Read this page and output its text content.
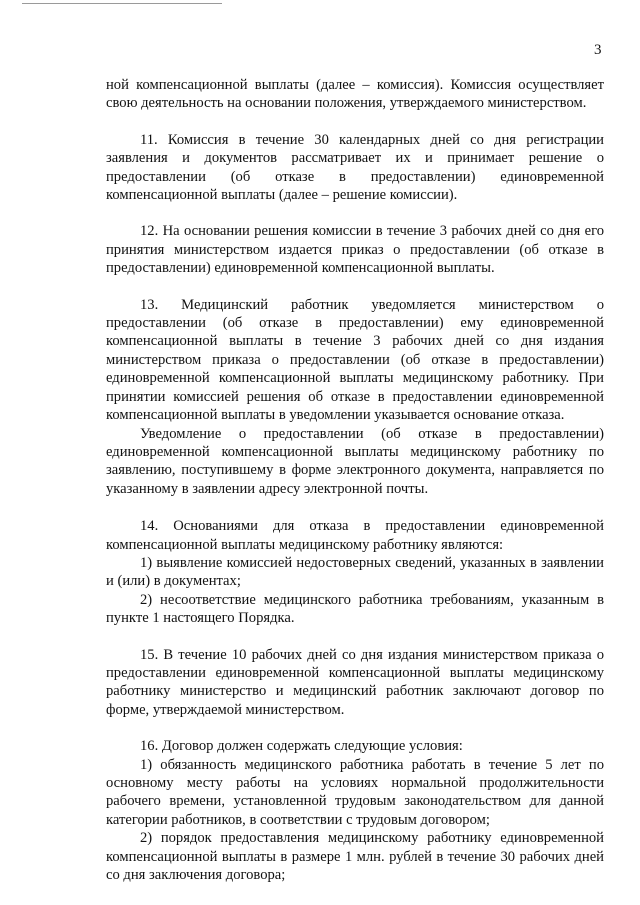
3

ной компенсационной выплаты (далее – комиссия). Комиссия осуществляет свою деятельность на основании положения, утверждаемого министерством.

11. Комиссия в течение 30 календарных дней со дня регистрации заявления и документов рассматривает их и принимает решение о предоставлении (об отказе в предоставлении) единовременной компенсационной выплаты (далее – решение комиссии).

12. На основании решения комиссии в течение 3 рабочих дней со дня его принятия министерством издается приказ о предоставлении (об отказе в предоставлении) единовременной компенсационной выплаты.

13. Медицинский работник уведомляется министерством о предоставлении (об отказе в предоставлении) ему единовременной компенсационной выплаты в течение 3 рабочих дней со дня издания министерством приказа о предоставлении (об отказе в предоставлении) единовременной компенсационной выплаты медицинскому работнику. При принятии комиссией решения об отказе в предоставлении единовременной компенсационной выплаты в уведомлении указывается основание отказа.

Уведомление о предоставлении (об отказе в предоставлении) единовременной компенсационной выплаты медицинскому работнику по заявлению, поступившему в форме электронного документа, направляется по указанному в заявлении адресу электронной почты.

14. Основаниями для отказа в предоставлении единовременной компенсационной выплаты медицинскому работнику являются:

1) выявление комиссией недостоверных сведений, указанных в заявлении и (или) в документах;

2) несоответствие медицинского работника требованиям, указанным в пункте 1 настоящего Порядка.

15. В течение 10 рабочих дней со дня издания министерством приказа о предоставлении единовременной компенсационной выплаты медицинскому работнику министерство и медицинский работник заключают договор по форме, утверждаемой министерством.

16. Договор должен содержать следующие условия:

1) обязанность медицинского работника работать в течение 5 лет по основному месту работы на условиях нормальной продолжительности рабочего времени, установленной трудовым законодательством для данной категории работников, в соответствии с трудовым договором;

2) порядок предоставления медицинскому работнику единовременной компенсационной выплаты в размере 1 млн. рублей в течение 30 рабочих дней со дня заключения договора;
